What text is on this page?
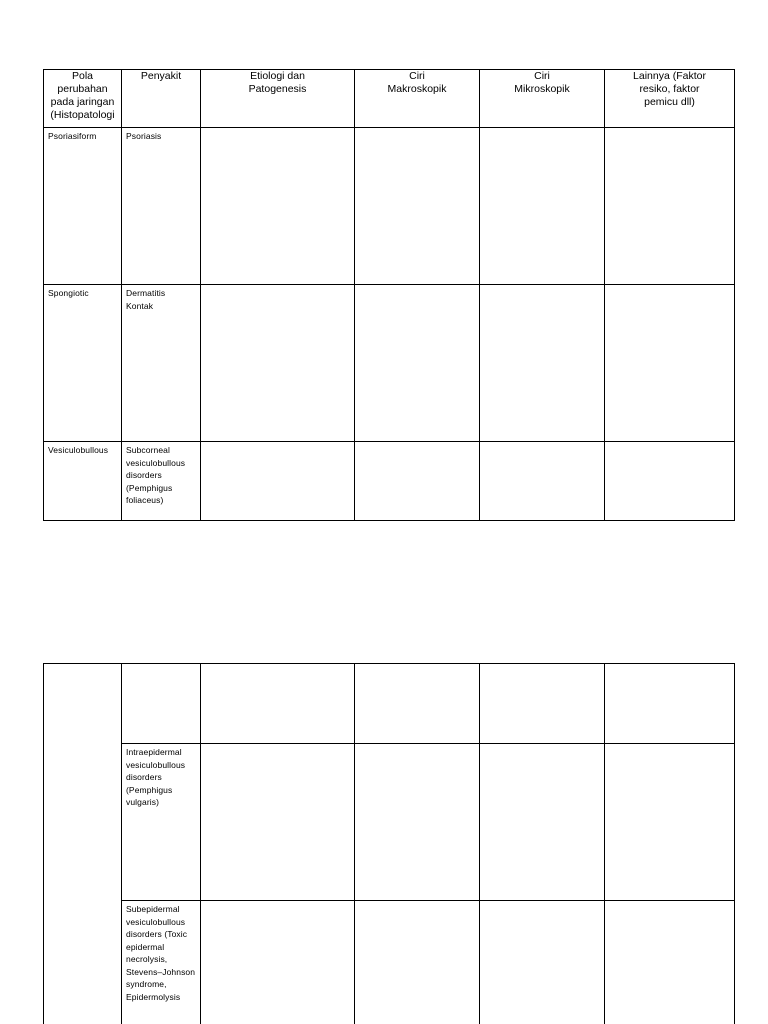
Pola perubahan pada jaringan (Histopatologi	Penyakit	Etiologi dan Patogenesis	Ciri Makroskopik	Ciri Mikroskopik	Lainnya (Faktor resiko, faktor pemicu dll)
Psoriasiform	Psoriasis				
Spongiotic	Dermatitis Kontak				
Vesiculobullous	Subcorneal vesiculobullous disorders (Pemphigus foliaceus)				

	Intraepidermal vesiculobullous disorders (Pemphigus vulgaris)				
	Subepidermal vesiculobullous disorders (Toxic epidermal necrolysis, Stevens–Johnson syndrome, Epidermolysis				
